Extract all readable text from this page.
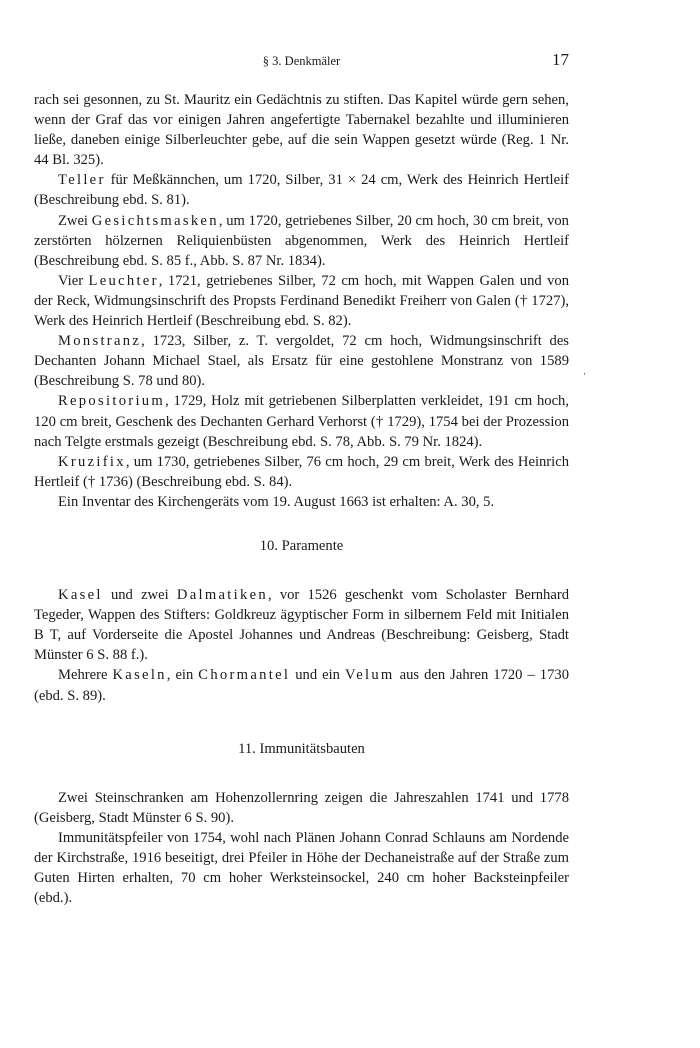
§ 3. Denkmäler	17
‚

rach sei gesonnen, zu St. Mauritz ein Gedächtnis zu stiften. Das Kapitel würde gern sehen, wenn der Graf das vor einigen Jahren angefertigte Tabernakel bezahlte und illuminieren ließe, daneben einige Silberleuchter gebe, auf die sein Wappen gesetzt würde (Reg. 1 Nr. 44 Bl. 325).

Teller für Meßkännchen, um 1720, Silber, 31 × 24 cm, Werk des Heinrich Hertleif (Beschreibung ebd. S. 81).

Zwei Gesichtsmasken, um 1720, getriebenes Silber, 20 cm hoch, 30 cm breit, von zerstörten hölzernen Reliquienbüsten abgenommen, Werk des Heinrich Hertleif (Beschreibung ebd. S. 85 f., Abb. S. 87 Nr. 1834).

Vier Leuchter, 1721, getriebenes Silber, 72 cm hoch, mit Wappen Galen und von der Reck, Widmungsinschrift des Propsts Ferdinand Benedikt Freiherr von Galen († 1727), Werk des Heinrich Hertleif (Beschreibung ebd. S. 82).

Monstranz, 1723, Silber, z. T. vergoldet, 72 cm hoch, Widmungsinschrift des Dechanten Johann Michael Stael, als Ersatz für eine gestohlene Monstranz von 1589 (Beschreibung S. 78 und 80).

Repositorium, 1729, Holz mit getriebenen Silberplatten verkleidet, 191 cm hoch, 120 cm breit, Geschenk des Dechanten Gerhard Verhorst († 1729), 1754 bei der Prozession nach Telgte erstmals gezeigt (Beschreibung ebd. S. 78, Abb. S. 79 Nr. 1824).

Kruzifix, um 1730, getriebenes Silber, 76 cm hoch, 29 cm breit, Werk des Heinrich Hertleif († 1736) (Beschreibung ebd. S. 84).

Ein Inventar des Kirchengeräts vom 19. August 1663 ist erhalten: A. 30, 5.

10. Paramente

Kasel und zwei Dalmatiken, vor 1526 geschenkt vom Scholaster Bernhard Tegeder, Wappen des Stifters: Goldkreuz ägyptischer Form in silbernem Feld mit Initialen B T, auf Vorderseite die Apostel Johannes und Andreas (Beschreibung: Geisberg, Stadt Münster 6 S. 88 f.).

Mehrere Kaseln, ein Chormantel und ein Velum aus den Jahren 1720 – 1730 (ebd. S. 89).

11. Immunitätsbauten

Zwei Steinschranken am Hohenzollernring zeigen die Jahreszahlen 1741 und 1778 (Geisberg, Stadt Münster 6 S. 90).

Immunitätspfeiler von 1754, wohl nach Plänen Johann Conrad Schlauns am Nordende der Kirchstraße, 1916 beseitigt, drei Pfeiler in Höhe der Dechaneistraße auf der Straße zum Guten Hirten erhalten, 70 cm hoher Werksteinsockel, 240 cm hoher Backsteinpfeiler (ebd.).
